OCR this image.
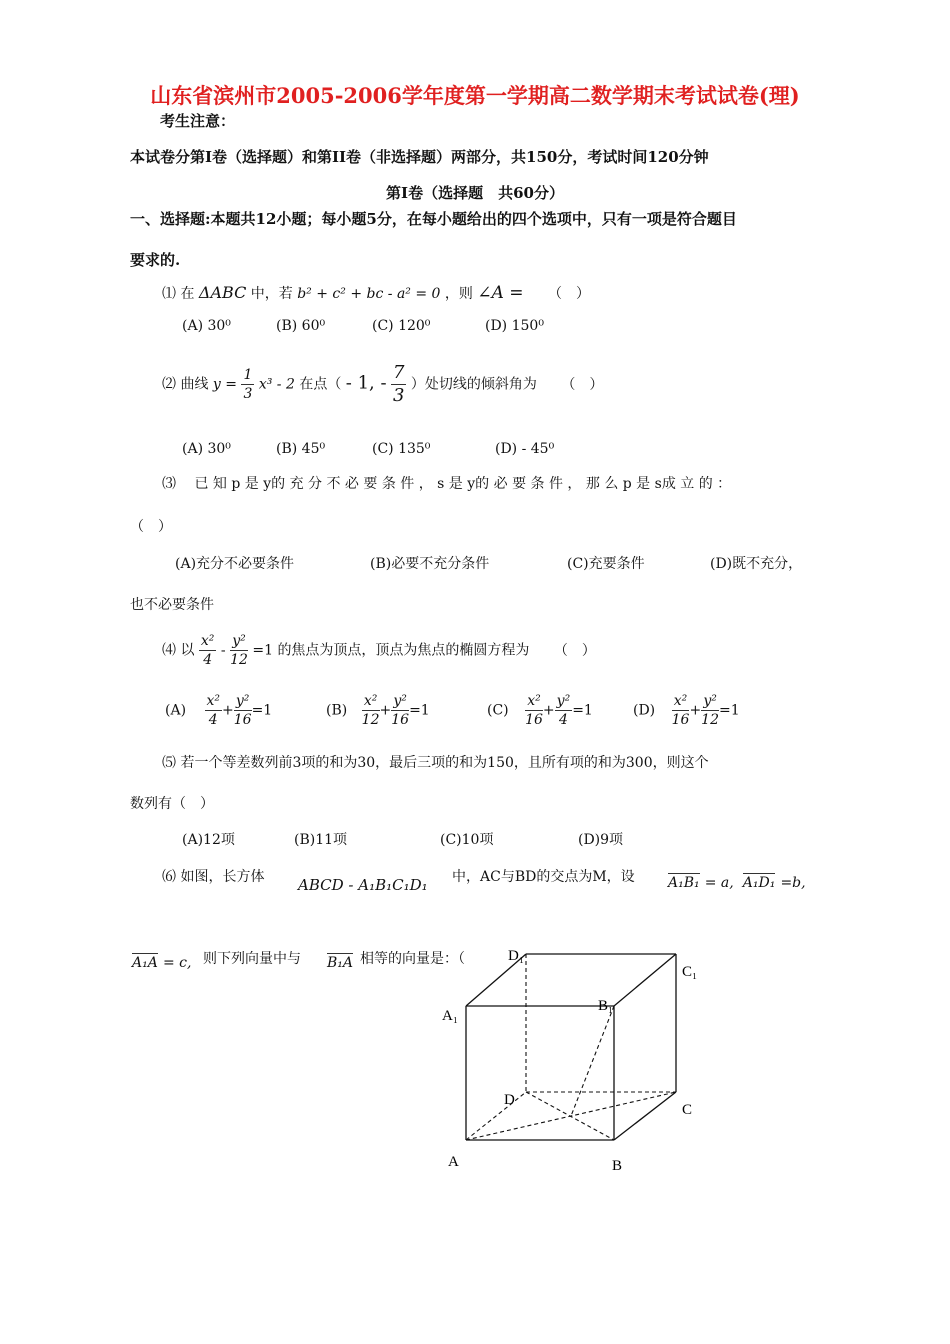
山东省滨州市2005-2006学年度第一学期高二数学期末考试试卷(理)
考生注意：
本试卷分第I卷（选择题）和第II卷（非选择题）两部分，共150分，考试时间120分钟
第I卷（选择题　共60分）
一、选择题:本题共12小题；每小题5分，在每小题给出的四个选项中，只有一项是符合题目
要求的.
⑴ 在 ΔABC 中，若 b² + c² + bc - a² = 0 ，则 ∠A = （　）
(A) 30⁰	(B) 60⁰	(C) 120⁰	(D) 150⁰
⑵ 曲线 $y = \frac{1}{3} x^3 - 2$ 在点（ - 1, - $\frac{7}{3}$ ）处切线的倾斜角为 （　）
(A) 30⁰	(B) 45⁰	(C) 135⁰	(D) - 45⁰
⑶　 已 知 p 是 y的 充 分 不 必 要 条 件 ， s 是 y的 必 要 条 件 ， 那 么 p 是 s成 立 的 ：
（　）
(A)充分不必要条件	(B)必要不充分条件	(C)充要条件	(D)既不充分，
也不必要条件
⑷ 以 $\frac{\text{x²}}{4} - \frac{\text{y²}}{12} =1$ 的焦点为顶点，顶点为焦点的椭圆方程为 （　）
$(A) \frac{\text{x²}}{4} + \frac{\text{y²}}{16} =1$	$(B) \frac{\text{x²}}{12} + \frac{\text{y²}}{16} =1$	$(C) \frac{\text{x²}}{16} + \frac{\text{y²}}{4} =1$	$(D) \frac{\text{x²}}{16} + \frac{\text{y²}}{12} =1$
⑸ 若一个等差数列前3项的和为30，最后三项的和为150，且所有项的和为300，则这个
数列有（　）
(A)12项	(B)11项	(C)10项	(D)9项
⑹ 如图，长方体 ABCD - A₁B₁C₁D₁ 中，AC与BD的交点为M，设 A₁B₁ = a, A₁D₁ =b,
A₁A = c, 则下列向量中与 B₁A 相等的向量是：（	D₁
C₁
A₁
B₁
D
C
A	B
